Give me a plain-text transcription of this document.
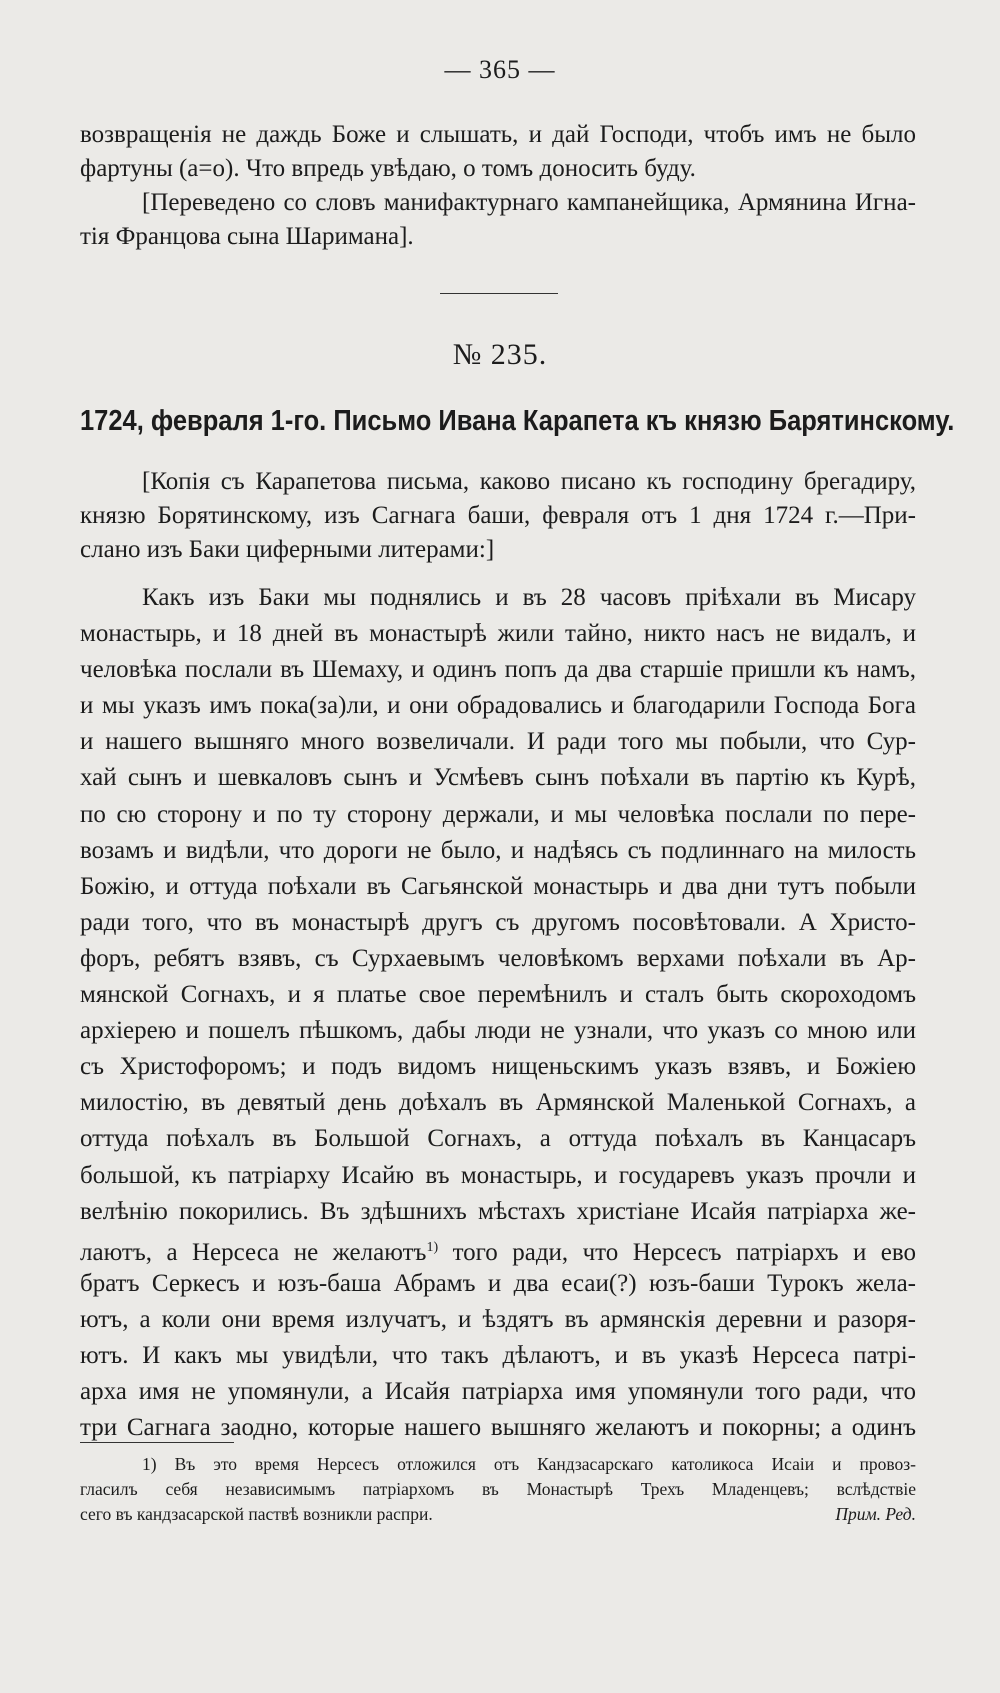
— 365 —
возвращенія не даждь Боже и слышать, и дай Господи, чтобъ имъ не было
фартуны (а=о). Что впредь увѣдаю, о томъ доносить буду.
[Переведено со словъ манифактурнаго кампанейщика, Армянина Игна-
тія Францова сына Шаримана].
№ 235.
1724, февраля 1-го. Письмо Ивана Карапета къ князю Барятинскому.
[Копія съ Карапетова письма, каково писано къ господину брегадиру,
князю Борятинскому, изъ Сагнага баши, февраля отъ 1 дня 1724 г.—При-
слано изъ Баки циферными литерами:]
Какъ изъ Баки мы поднялись и въ 28 часовъ пріѣхали въ Мисару
монастырь, и 18 дней въ монастырѣ жили тайно, никто насъ не видалъ, и
человѣка послали въ Шемаху, и одинъ попъ да два старшіе пришли къ намъ,
и мы указъ имъ пока(за)ли, и они обрадовались и благодарили Господа Бога
и нашего вышняго много возвеличали. И ради того мы побыли, что Сур-
хай сынъ и шевкаловъ сынъ и Усмѣевъ сынъ поѣхали въ партію къ Курѣ,
по сю сторону и по ту сторону держали, и мы человѣка послали по пере-
возамъ и видѣли, что дороги не было, и надѣясь съ подлиннаго на милость
Божію, и оттуда поѣхали въ Сагьянской монастырь и два дни тутъ побыли
ради того, что въ монастырѣ другъ съ другомъ посовѣтовали. А Христо-
форъ, ребятъ взявъ, съ Сурхаевымъ человѣкомъ верхами поѣхали въ Ар-
мянской Согнахъ, и я платье свое перемѣнилъ и сталъ быть скороходомъ
архіерею и пошелъ пѣшкомъ, дабы люди не узнали, что указъ со мною или
съ Христофоромъ; и подъ видомъ нищеньскимъ указъ взявъ, и Божіею
милостію, въ девятый день доѣхалъ въ Армянской Маленькой Согнахъ, а
оттуда поѣхалъ въ Большой Согнахъ, а оттуда поѣхалъ въ Канцасаръ
большой, къ патріарху Исайю въ монастырь, и государевъ указъ прочли и
велѣнію покорились. Въ здѣшнихъ мѣстахъ христіане Исайя патріарха же-
лаютъ, а Нерсеса не желаютъ$^{1)}$ того ради, что Нерсесъ патріархъ и ево
братъ Серкесъ и юзъ-баша Абрамъ и два есаи(?) юзъ-баши Турокъ желa-
ютъ, а коли они время излучатъ, и ѣздятъ въ армянскія деревни и разоря-
ютъ. И какъ мы увидѣли, что такъ дѣлаютъ, и въ указѣ Нерсеса патрі-
арха имя не упомянули, а Исайя патріарха имя упомянули того ради, что
три Сагнага заодно, которые нашего вышняго желаютъ и покорны; а одинъ
1) Въ это время Нерсесъ отложился отъ Кандзасарскаго католикоса Исаіи и провоз-
гласилъ себя независимымъ патріархомъ въ Монастырѣ Трехъ Младенцевъ; вслѣдствіе
сего въ кандзасарской паствѣ возникли распри.	Прим. Ред.
